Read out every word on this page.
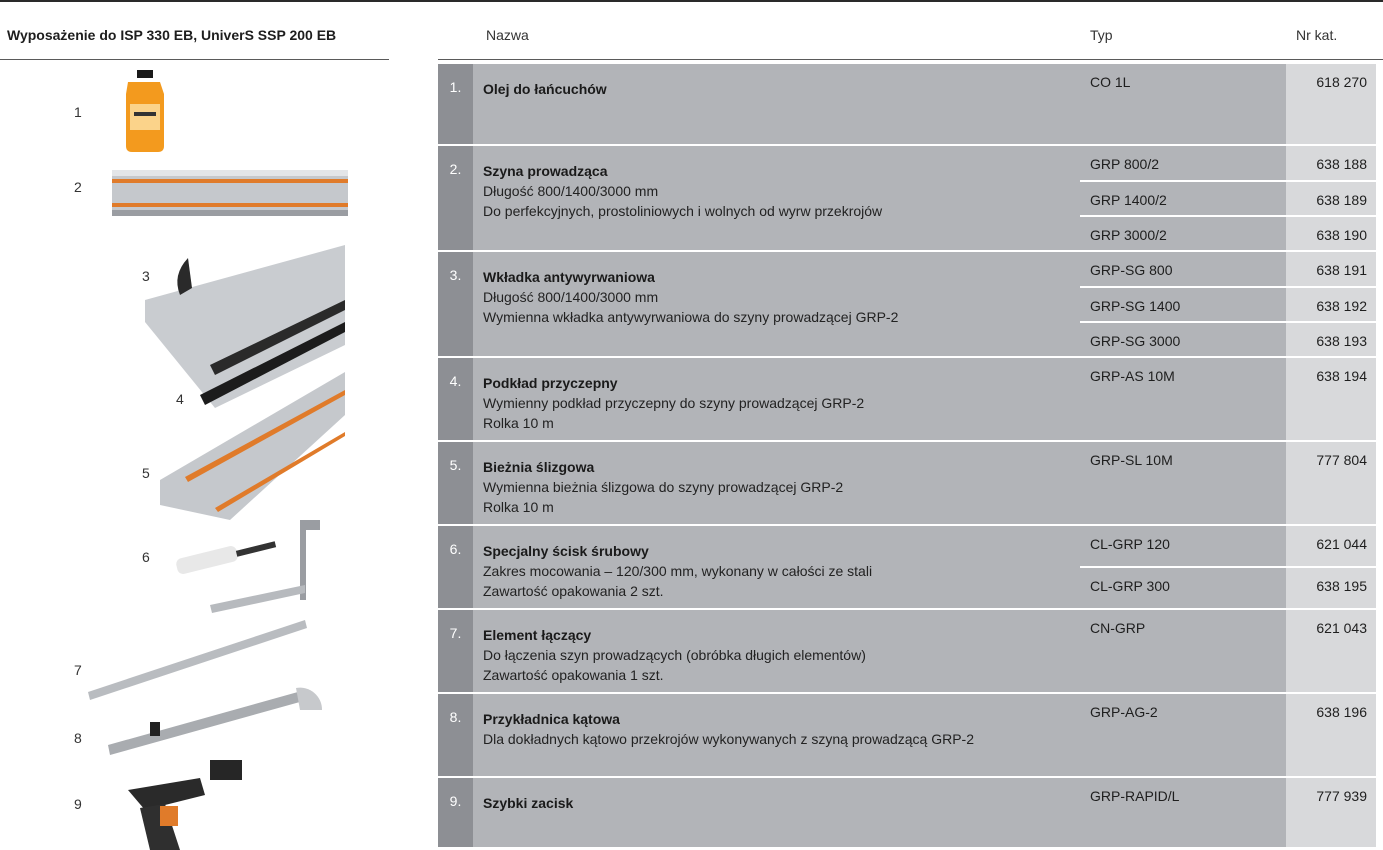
Wyposażenie do ISP 330 EB, UniverS SSP 200 EB	Nazwa	Typ	Nr kat.
1
2
3
4
5
6
7
8
9
1.	Olej do łańcuchów	CO 1L	618 270
2.	Szyna prowadząca
Długość 800/1400/3000 mm
Do perfekcyjnych, prostoliniowych i wolnych od wyrw przekrojów
GRP 800/2	638 188
GRP 1400/2	638 189
GRP 3000/2	638 190
3.	Wkładka antywyrwaniowa
Długość 800/1400/3000 mm
Wymienna wkładka antywyrwaniowa do szyny prowadzącej GRP-2
GRP-SG 800	638 191
GRP-SG 1400	638 192
GRP-SG 3000	638 193
4.	Podkład przyczepny
Wymienny podkład przyczepny do szyny prowadzącej GRP-2
Rolka 10 m
GRP-AS 10M	638 194
5.	Bieżnia ślizgowa
Wymienna bieżnia ślizgowa do szyny prowadzącej GRP-2
Rolka 10 m
GRP-SL 10M	777 804
6.	Specjalny ścisk śrubowy
Zakres mocowania – 120/300 mm, wykonany w całości ze stali
Zawartość opakowania 2 szt.
CL-GRP 120	621 044
CL-GRP 300	638 195
7.	Element łączący
Do łączenia szyn prowadzących (obróbka długich elementów)
Zawartość opakowania 1 szt.
CN-GRP	621 043
8.	Przykładnica kątowa
Dla dokładnych kątowo przekrojów wykonywanych z szyną prowadzącą GRP-2
GRP-AG-2	638 196
9.	Szybki zacisk	GRP-RAPID/L	777 939
